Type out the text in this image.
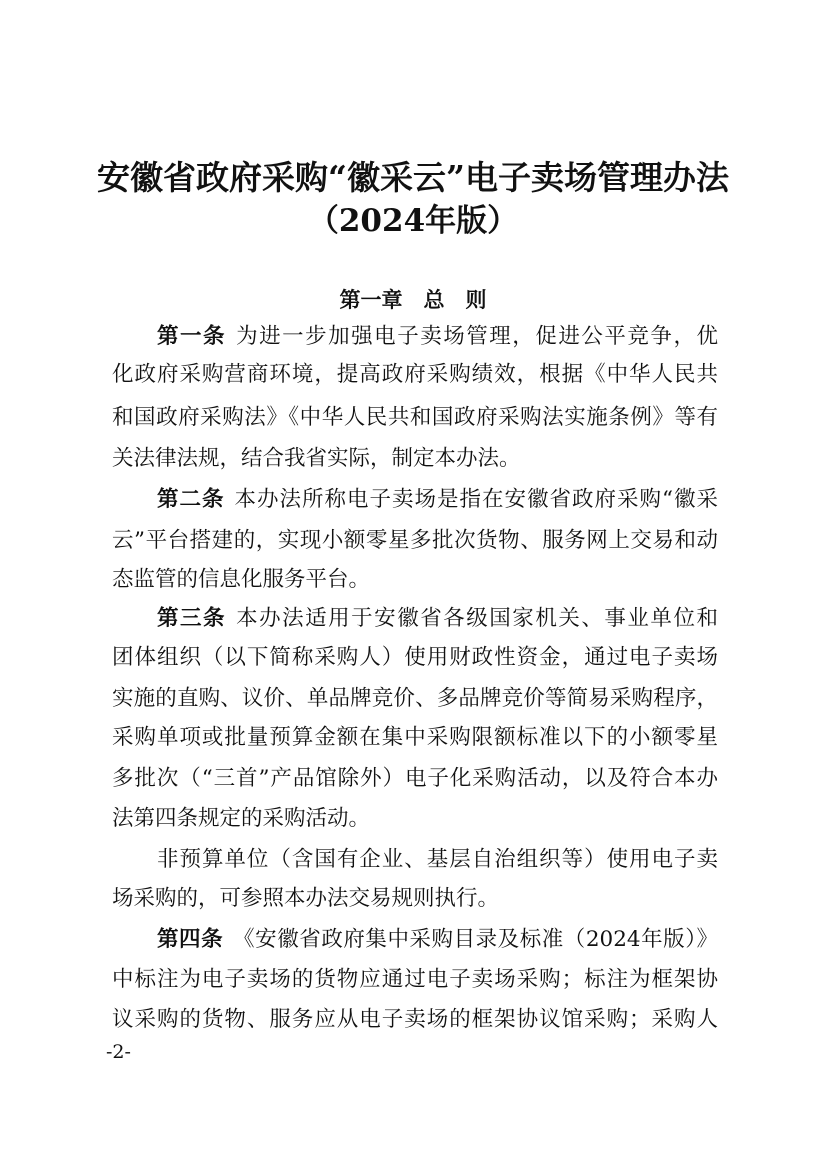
安徽省政府采购“徽采云”电子卖场管理办法
（2024年版）
第一章　总　则
第一条 为进一步加强电子卖场管理，促进公平竞争，优
化政府采购营商环境，提高政府采购绩效，根据《中华人民共
和国政府采购法》《中华人民共和国政府采购法实施条例》等有
关法律法规，结合我省实际，制定本办法。
第二条 本办法所称电子卖场是指在安徽省政府采购“徽采
云”平台搭建的，实现小额零星多批次货物、服务网上交易和动
态监管的信息化服务平台。
第三条 本办法适用于安徽省各级国家机关、事业单位和
团体组织（以下简称采购人）使用财政性资金，通过电子卖场
实施的直购、议价、单品牌竞价、多品牌竞价等简易采购程序，
采购单项或批量预算金额在集中采购限额标准以下的小额零星
多批次（“三首”产品馆除外）电子化采购活动，以及符合本办
法第四条规定的采购活动。
非预算单位（含国有企业、基层自治组织等）使用电子卖
场采购的，可参照本办法交易规则执行。
第四条 《安徽省政府集中采购目录及标准（2024年版）》
中标注为电子卖场的货物应通过电子卖场采购；标注为框架协
议采购的货物、服务应从电子卖场的框架协议馆采购；采购人
-2-
